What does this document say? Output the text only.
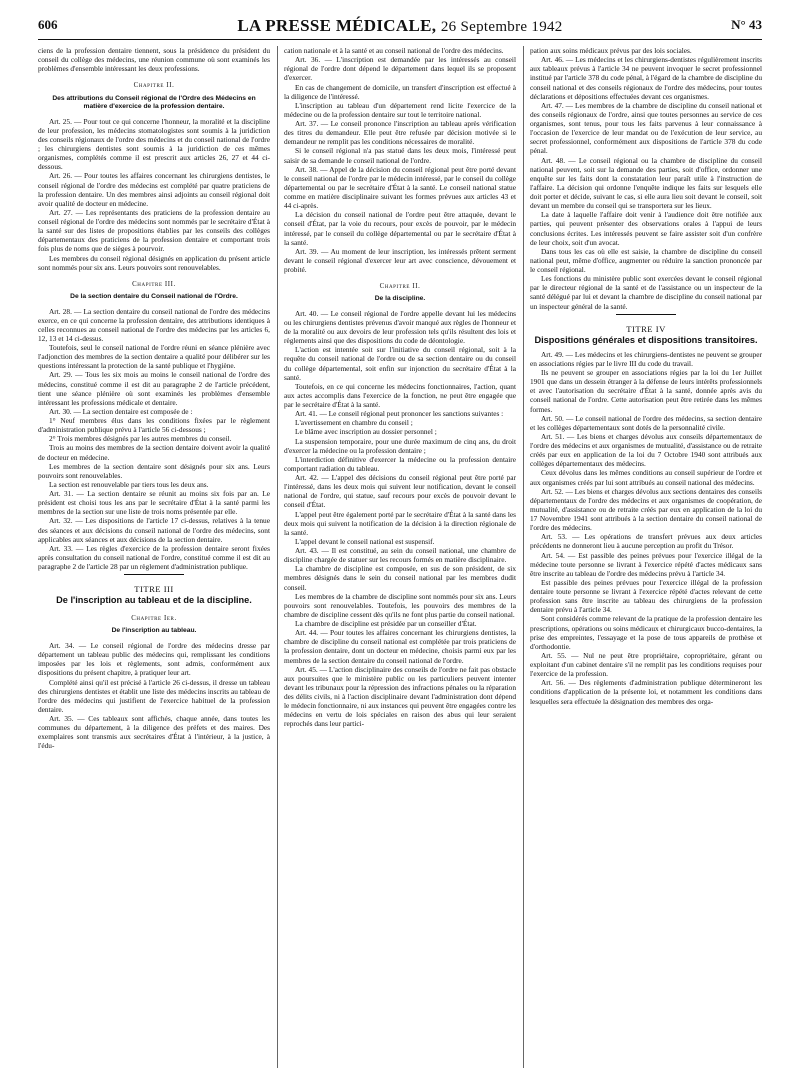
606	LA PRESSE MÉDICALE, 26 Septembre 1942	N° 43

ciens de la profession dentaire tiennent, sous la présidence du président du conseil du collège des médecins, une réunion commune où sont examinés les problèmes d'ensemble intéressant les deux professions.

Chapitre II.
Des attributions du Conseil régional de l'Ordre des Médecins en matière d'exercice de la profession dentaire.

Art. 25. — Pour tout ce qui concerne l'honneur, la moralité et la discipline de leur profession, les médecins stomatologistes sont soumis à la juridiction des conseils régionaux de l'ordre des médecins et du conseil national de l'ordre ; les chirurgiens dentistes sont soumis à la juridiction de ces mêmes organismes, complétés comme il est prescrit aux articles 26, 27 et 44 ci-dessous.

Art. 26. — Pour toutes les affaires concernant les chirurgiens dentistes, le conseil régional de l'ordre des médecins est complété par quatre praticiens de la profession dentaire. Un des membres ainsi adjoints au conseil régional doit avoir qualité de docteur en médecine.

Art. 27. — Les représentants des praticiens de la profession dentaire au conseil régional de l'ordre des médecins sont nommés par le secrétaire d'État à la santé sur des listes de propositions établies par les conseils des collèges départementaux des praticiens de la profession dentaire et comportant trois fois plus de noms que de sièges à pourvoir.

Les membres du conseil régional désignés en application du présent article sont nommés pour six ans. Leurs pouvoirs sont renouvelables.

Chapitre III.
De la section dentaire du Conseil national de l'Ordre.

Art. 28. — La section dentaire du conseil national de l'ordre des médecins exerce, en ce qui concerne la profession dentaire, des attributions identiques à celles reconnues au conseil national de l'ordre des médecins par les articles 6, 12, 13 et 14 ci-dessus.

Toutefois, seul le conseil national de l'ordre réuni en séance plénière avec l'adjonction des membres de la section dentaire a qualité pour délibérer sur les questions intéressant la protection de la santé publique et l'hygiène.

Art. 29. — Tous les six mois au moins le conseil national de l'ordre des médecins, constitué comme il est dit au paragraphe 2 de l'article précédent, tient une séance plénière où sont examinés les problèmes d'ensemble intéressant les professions médicale et dentaire.

Art. 30. — La section dentaire est composée de :

1° Neuf membres élus dans les conditions fixées par le règlement d'administration publique prévu à l'article 56 ci-dessous ;

2° Trois membres désignés par les autres membres du conseil.

Trois au moins des membres de la section dentaire doivent avoir la qualité de docteur en médecine.

Les membres de la section dentaire sont désignés pour six ans. Leurs pouvoirs sont renouvelables.

La section est renouvelable par tiers tous les deux ans.

Art. 31. — La section dentaire se réunit au moins six fois par an. Le président est choisi tous les ans par le secrétaire d'État à la santé parmi les membres de la section sur une liste de trois noms présentée par elle.

Art. 32. — Les dispositions de l'article 17 ci-dessus, relatives à la tenue des séances et aux décisions du conseil national de l'ordre des médecins, sont applicables aux séances et aux décisions de la section dentaire.

Art. 33. — Les règles d'exercice de la profession dentaire seront fixées après consultation du conseil national de l'ordre, constitué comme il est dit au paragraphe 2 de l'article 28 par un règlement d'administration publique.

TITRE III
De l'inscription au tableau et de la discipline.
Chapitre Ier.
De l'inscription au tableau.

Art. 34. — Le conseil régional de l'ordre des médecins dresse par département un tableau public des médecins qui, remplissant les conditions imposées par les lois et règlements, sont admis, conformément aux dispositions du présent chapitre, à pratiquer leur art.

Complété ainsi qu'il est précisé à l'article 26 ci-dessus, il dresse un tableau des chirurgiens dentistes et établit une liste des médecins inscrits au tableau de l'ordre des médecins qui justifient de l'exercice habituel de la profession dentaire.

Art. 35. — Ces tableaux sont affichés, chaque année, dans toutes les communes du département, à la diligence des préfets et des maires. Des exemplaires sont transmis aux secrétaires d'État à l'intérieur, à la justice, à l'édu-

cation nationale et à la santé et au conseil national de l'ordre des médecins.

Art. 36. — L'inscription est demandée par les intéressés au conseil régional de l'ordre dont dépend le département dans lequel ils se proposent d'exercer.

En cas de changement de domicile, un transfert d'inscription est effectué à la diligence de l'intéressé.

L'inscription au tableau d'un département rend licite l'exercice de la médecine ou de la profession dentaire sur tout le territoire national.

Art. 37. — Le conseil prononce l'inscription au tableau après vérification des titres du demandeur. Elle peut être refusée par décision motivée si le demandeur ne remplit pas les conditions nécessaires de moralité.

Si le conseil régional n'a pas statué dans les deux mois, l'intéressé peut saisir de sa demande le conseil national de l'ordre.

Art. 38. — Appel de la décision du conseil régional peut être porté devant le conseil national de l'ordre par le médecin intéressé, par le conseil du collège départemental ou par le secrétaire d'État à la santé. Le conseil national statue comme en matière disciplinaire suivant les formes prévues aux articles 43 et 44 ci-après.

La décision du conseil national de l'ordre peut être attaquée, devant le conseil d'État, par la voie du recours, pour excès de pouvoir, par le médecin intéressé, par le conseil du collège départemental ou par le secrétaire d'État à la santé.

Art. 39. — Au moment de leur inscription, les intéressés prêtent serment devant le conseil régional d'exercer leur art avec conscience, dévouement et probité.

Chapitre II.
De la discipline.

Art. 40. — Le conseil régional de l'ordre appelle devant lui les médecins ou les chirurgiens dentistes prévenus d'avoir manqué aux règles de l'honneur et de la moralité ou aux devoirs de leur profession tels qu'ils résultent des lois et règlements ainsi que des dispositions du code de déontologie.

L'action est intentée soit sur l'initiative du conseil régional, soit à la requête du conseil national de l'ordre ou de sa section dentaire ou du conseil du collège départemental, soit enfin sur injonction du secrétaire d'État à la santé.

Toutefois, en ce qui concerne les médecins fonctionnaires, l'action, quant aux actes accomplis dans l'exercice de la fonction, ne peut être engagée que par le secrétaire d'État à la santé.

Art. 41. — Le conseil régional peut prononcer les sanctions suivantes :

L'avertissement en chambre du conseil ;

Le blâme avec inscription au dossier personnel ;

La suspension temporaire, pour une durée maximum de cinq ans, du droit d'exercer la médecine ou la profession dentaire ;

L'interdiction définitive d'exercer la médecine ou la profession dentaire comportant radiation du tableau.

Art. 42. — L'appel des décisions du conseil régional peut être porté par l'intéressé, dans les deux mois qui suivent leur notification, devant le conseil national de l'ordre, qui statue, sauf recours pour excès de pouvoir devant le conseil d'État.

L'appel peut être également porté par le secrétaire d'État à la santé dans les deux mois qui suivent la notification de la décision à la direction régionale de la santé.

L'appel devant le conseil national est suspensif.

Art. 43. — Il est constitué, au sein du conseil national, une chambre de discipline chargée de statuer sur les recours formés en matière disciplinaire.

La chambre de discipline est composée, en sus de son président, de six membres désignés dans le sein du conseil national par les membres dudit conseil.

Les membres de la chambre de discipline sont nommés pour six ans. Leurs pouvoirs sont renouvelables. Toutefois, les pouvoirs des membres de la chambre de discipline cessent dès qu'ils ne font plus partie du conseil national.

La chambre de discipline est présidée par un conseiller d'État.

Art. 44. — Pour toutes les affaires concernant les chirurgiens dentistes, la chambre de discipline du conseil national est complétée par trois praticiens de la profession dentaire, dont un docteur en médecine, choisis parmi eux par les membres de la section dentaire du conseil national de l'ordre.

Art. 45. — L'action disciplinaire des conseils de l'ordre ne fait pas obstacle aux poursuites que le ministère public ou les particuliers peuvent intenter devant les tribunaux pour la répression des infractions pénales ou la réparation des délits civils, ni à l'action disciplinaire devant l'administration dont dépend le médecin fonctionnaire, ni aux instances qui peuvent être engagées contre les médecins en vertu de lois spéciales en raison des abus qui leur seraient reprochés dans leur partici-

pation aux soins médicaux prévus par des lois sociales.

Art. 46. — Les médecins et les chirurgiens-dentistes régulièrement inscrits aux tableaux prévus à l'article 34 ne peuvent invoquer le secret professionnel institué par l'article 378 du code pénal, à l'égard de la chambre de discipline du conseil national et des conseils régionaux de l'ordre des médecins, pour toutes déclarations et dépositions effectuées devant ces organismes.

Art. 47. — Les membres de la chambre de discipline du conseil national et des conseils régionaux de l'ordre, ainsi que toutes personnes au service de ces organismes, sont tenus, pour tous les faits parvenus à leur connaissance à l'occasion de l'exercice de leur mandat ou de l'exécution de leur service, au secret professionnel, conformément aux dispositions de l'article 378 du code pénal.

Art. 48. — Le conseil régional ou la chambre de discipline du conseil national peuvent, soit sur la demande des parties, soit d'office, ordonner une enquête sur les faits dont la constatation leur paraît utile à l'instruction de l'affaire. La décision qui ordonne l'enquête indique les faits sur lesquels elle doit porter et décide, suivant le cas, si elle aura lieu soit devant le conseil, soit devant un membre du conseil qui se transportera sur les lieux.

La date à laquelle l'affaire doit venir à l'audience doit être notifiée aux parties, qui peuvent présenter des observations orales à l'appui de leurs conclusions écrites. Les intéressés peuvent se faire assister soit d'un confrère de leur choix, soit d'un avocat.

Dans tous les cas où elle est saisie, la chambre de discipline du conseil national peut, même d'office, augmenter ou réduire la sanction prononcée par le conseil régional.

Les fonctions du ministère public sont exercées devant le conseil régional par le directeur régional de la santé et de l'assistance ou un inspecteur de la santé délégué par lui et devant la chambre de discipline du conseil national par un inspecteur général de la santé.

TITRE IV
Dispositions générales et dispositions transitoires.

Art. 49. — Les médecins et les chirurgiens-dentistes ne peuvent se grouper en associations régies par le livre III du code du travail.

Ils ne peuvent se grouper en associations régies par la loi du 1er Juillet 1901 que dans un dessein étranger à la défense de leurs intérêts professionnels et avec l'autorisation du secrétaire d'État à la santé, donnée après avis du conseil national de l'ordre. Cette autorisation peut être retirée dans les mêmes formes.

Art. 50. — Le conseil national de l'ordre des médecins, sa section dentaire et les collèges départementaux sont dotés de la personnalité civile.

Art. 51. — Les biens et charges dévolus aux conseils départementaux de l'ordre des médecins et aux organismes de mutualité, d'assistance ou de retraite créés par eux en application de la loi du 7 Octobre 1940 sont attribués aux collèges départementaux des médecins.

Ceux dévolus dans les mêmes conditions au conseil supérieur de l'ordre et aux organismes créés par lui sont attribués au conseil national des médecins.

Art. 52. — Les biens et charges dévolus aux sections dentaires des conseils départementaux de l'ordre des médecins et aux organismes de coopération, de mutualité, d'assistance ou de retraite créés par eux en application de la loi du 17 Novembre 1941 sont attribués à la section dentaire du conseil national de l'ordre des médecins.

Art. 53. — Les opérations de transfert prévues aux deux articles précédents ne donneront lieu à aucune perception au profit du Trésor.

Art. 54. — Est passible des peines prévues pour l'exercice illégal de la médecine toute personne se livrant à l'exercice répété d'actes médicaux sans être inscrite au tableau de l'ordre des médecins prévu à l'article 34.

Est passible des peines prévues pour l'exercice illégal de la profession dentaire toute personne se livrant à l'exercice répété d'actes relevant de cette profession sans être inscrite au tableau des chirurgiens de la profession dentaire prévu à l'article 34.

Sont considérés comme relevant de la pratique de la profession dentaire les prescriptions, opérations ou soins médicaux et chirurgicaux bucco-dentaires, la prise des empreintes, l'essayage et la pose de tous appareils de prothèse et d'orthodontie.

Art. 55. — Nul ne peut être propriétaire, copropriétaire, gérant ou exploitant d'un cabinet dentaire s'il ne remplit pas les conditions requises pour l'exercice de la profession.

Art. 56. — Des règlements d'administration publique détermineront les conditions d'application de la présente loi, et notamment les conditions dans lesquelles sera effectuée la désignation des membres des orga-
